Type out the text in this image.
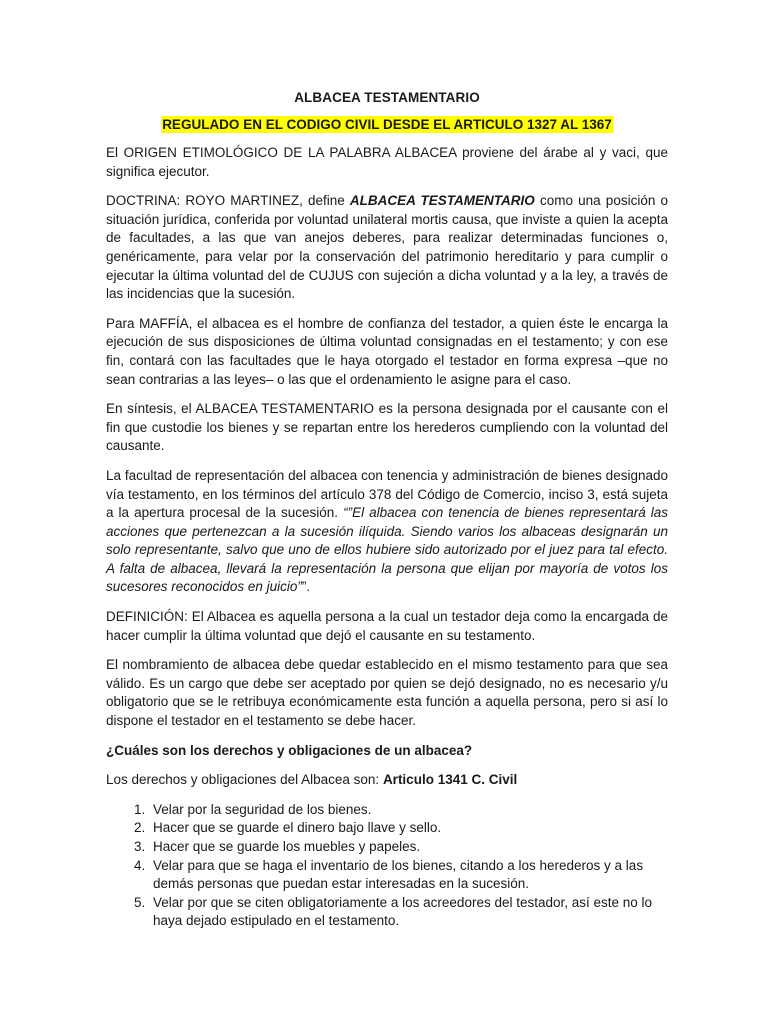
ALBACEA TESTAMENTARIO
REGULADO EN EL CODIGO CIVIL DESDE EL ARTICULO 1327 AL 1367

El ORIGEN ETIMOLÓGICO DE LA PALABRA ALBACEA proviene del árabe al y vaci, que significa ejecutor.

DOCTRINA: ROYO MARTINEZ, define ALBACEA TESTAMENTARIO como una posición o situación jurídica, conferida por voluntad unilateral mortis causa, que inviste a quien la acepta de facultades, a las que van anejos deberes, para realizar determinadas funciones o, genéricamente, para velar por la conservación del patrimonio hereditario y para cumplir o ejecutar la última voluntad del de CUJUS con sujeción a dicha voluntad y a la ley, a través de las incidencias que la sucesión.

Para MAFFÍA, el albacea es el hombre de confianza del testador, a quien éste le encarga la ejecución de sus disposiciones de última voluntad consignadas en el testamento; y con ese fin, contará con las facultades que le haya otorgado el testador en forma expresa –que no sean contrarias a las leyes– o las que el ordenamiento le asigne para el caso.

En síntesis, el ALBACEA TESTAMENTARIO es la persona designada por el causante con el fin que custodie los bienes y se repartan entre los herederos cumpliendo con la voluntad del causante.

La facultad de representación del albacea con tenencia y administración de bienes designado vía testamento, en los términos del artículo 378 del Código de Comercio, inciso 3, está sujeta a la apertura procesal de la sucesión. “”El albacea con tenencia de bienes representará las acciones que pertenezcan a la sucesión ilíquida. Siendo varios los albaceas designarán un solo representante, salvo que uno de ellos hubiere sido autorizado por el juez para tal efecto. A falta de albacea, llevará la representación la persona que elijan por mayoría de votos los sucesores reconocidos en juicio””.

DEFINICIÓN: El Albacea es aquella persona a la cual un testador deja como la encargada de hacer cumplir la última voluntad que dejó el causante en su testamento.

El nombramiento de albacea debe quedar establecido en el mismo testamento para que sea válido. Es un cargo que debe ser aceptado por quien se dejó designado, no es necesario y/u obligatorio que se le retribuya económicamente esta función a aquella persona, pero si así lo dispone el testador en el testamento se debe hacer.

¿Cuáles son los derechos y obligaciones de un albacea?

Los derechos y obligaciones del Albacea son: Articulo 1341 C. Civil

1. Velar por la seguridad de los bienes.
2. Hacer que se guarde el dinero bajo llave y sello.
3. Hacer que se guarde los muebles y papeles.
4. Velar para que se haga el inventario de los bienes, citando a los herederos y a las demás personas que puedan estar interesadas en la sucesión.
5. Velar por que se citen obligatoriamente a los acreedores del testador, así este no lo haya dejado estipulado en el testamento.
